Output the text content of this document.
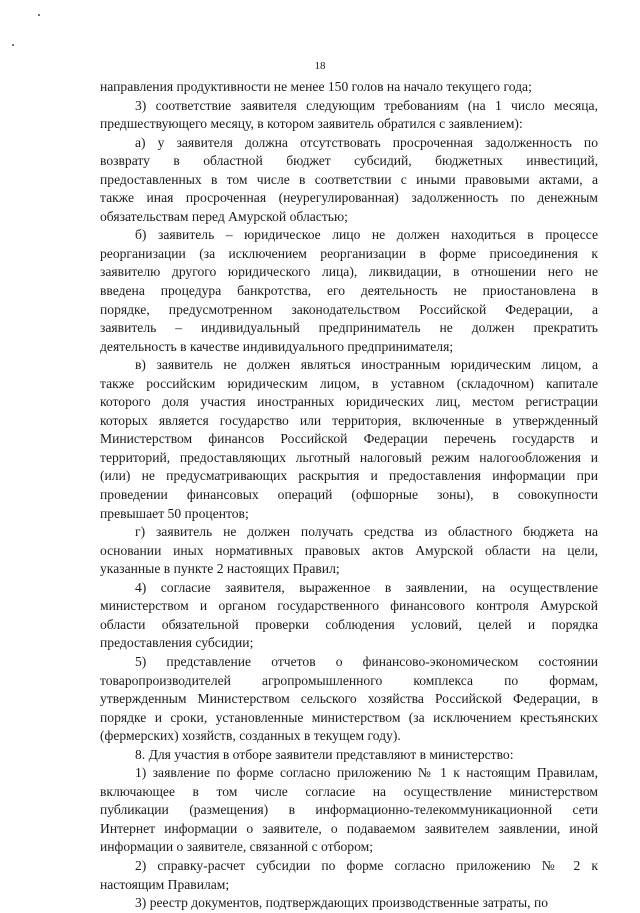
18
направления продуктивности не менее 150 голов на начало текущего года;
3) соответствие заявителя следующим требованиям (на 1 число месяца,
предшествующего месяцу, в котором заявитель обратился с заявлением):
а) у заявителя должна отсутствовать просроченная задолженность по
возврату в областной бюджет субсидий, бюджетных инвестиций,
предоставленных в том числе в соответствии с иными правовыми актами, а
также иная просроченная (неурегулированная) задолженность по денежным
обязательствам перед Амурской областью;
б) заявитель – юридическое лицо не должен находиться в процессе
реорганизации (за исключением реорганизации в форме присоединения к
заявителю другого юридического лица), ликвидации, в отношении него не
введена процедура банкротства, его деятельность не приостановлена в
порядке, предусмотренном законодательством Российской Федерации, а
заявитель – индивидуальный предприниматель не должен прекратить
деятельность в качестве индивидуального предпринимателя;
в) заявитель не должен являться иностранным юридическим лицом, а
также российским юридическим лицом, в уставном (складочном) капитале
которого доля участия иностранных юридических лиц, местом регистрации
которых является государство или территория, включенные в утвержденный
Министерством финансов Российской Федерации перечень государств и
территорий, предоставляющих льготный налоговый режим налогообложения и
(или) не предусматривающих раскрытия и предоставления информации при
проведении финансовых операций (офшорные зоны), в совокупности
превышает 50 процентов;
г) заявитель не должен получать средства из областного бюджета на
основании иных нормативных правовых актов Амурской области на цели,
указанные в пункте 2 настоящих Правил;
4) согласие заявителя, выраженное в заявлении, на осуществление
министерством и органом государственного финансового контроля Амурской
области обязательной проверки соблюдения условий, целей и порядка
предоставления субсидии;
5) представление отчетов о финансово-экономическом состоянии
товаропроизводителей агропромышленного комплекса по формам,
утвержденным Министерством сельского хозяйства Российской Федерации, в
порядке и сроки, установленные министерством (за исключением крестьянских
(фермерских) хозяйств, созданных в текущем году).
8. Для участия в отборе заявители представляют в министерство:
1) заявление по форме согласно приложению № 1 к настоящим Правилам,
включающее в том числе согласие на осуществление министерством
публикации (размещения) в информационно-телекоммуникационной сети
Интернет информации о заявителе, о подаваемом заявителем заявлении, иной
информации о заявителе, связанной с отбором;
2) справку-расчет субсидии по форме согласно приложению № 2 к
настоящим Правилам;
3) реестр документов, подтверждающих производственные затраты, по
